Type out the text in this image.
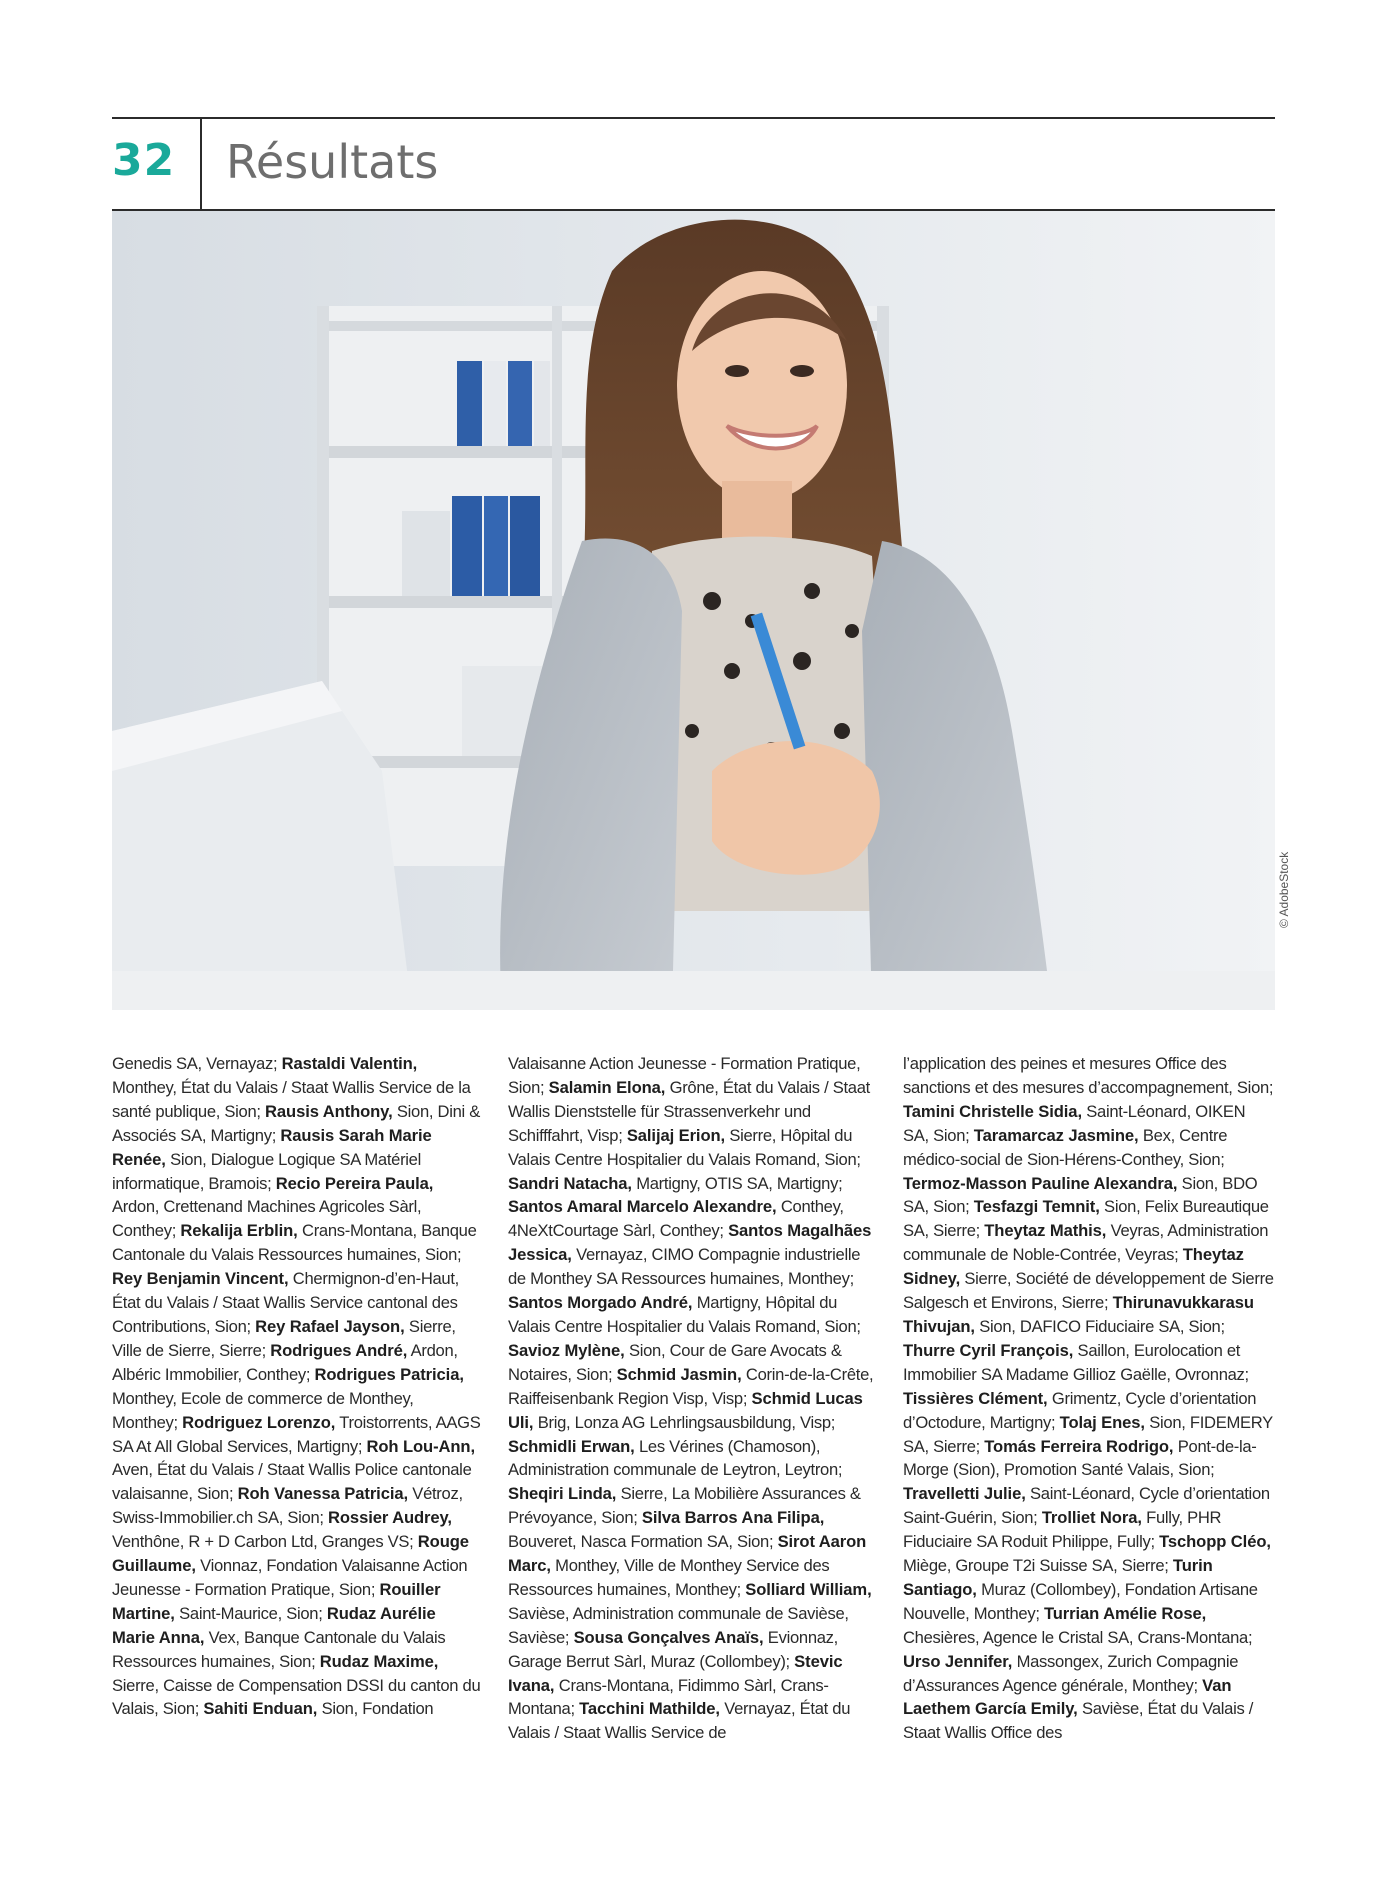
32 Résultats
© AdobeStock
Genedis SA, Vernayaz; Rastaldi Valentin, Monthey, État du Valais / Staat Wallis Service de la santé publique, Sion; Rausis Anthony, Sion, Dini & Associés SA, Martigny; Rausis Sarah Marie Renée, Sion, Dialogue Logique SA Matériel informatique, Bramois; Recio Pereira Paula, Ardon, Crettenand Machines Agricoles Sàrl, Conthey; Rekalija Erblin, Crans-Montana, Banque Cantonale du Valais Ressources humaines, Sion; Rey Benjamin Vincent, Chermignon-d’en-Haut, État du Valais / Staat Wallis Service cantonal des Contributions, Sion; Rey Rafael Jayson, Sierre, Ville de Sierre, Sierre; Rodrigues André, Ardon, Albéric Immobilier, Conthey; Rodrigues Patricia, Monthey, Ecole de commerce de Monthey, Monthey; Rodriguez Lorenzo, Troistorrents, AAGS SA At All Global Services, Martigny; Roh Lou-Ann, Aven, État du Valais / Staat Wallis Police cantonale valaisanne, Sion; Roh Vanessa Patricia, Vétroz, Swiss-Immobilier.ch SA, Sion; Rossier Audrey, Venthône, R + D Carbon Ltd, Granges VS; Rouge Guillaume, Vionnaz, Fondation Valaisanne Action Jeunesse - Formation Pratique, Sion; Rouiller Martine, Saint-Maurice, Sion; Rudaz Aurélie Marie Anna, Vex, Banque Cantonale du Valais Ressources humaines, Sion; Rudaz Maxime, Sierre, Caisse de Compensation DSSI du canton du Valais, Sion; Sahiti Enduan, Sion, Fondation
Valaisanne Action Jeunesse - Formation Pratique, Sion; Salamin Elona, Grône, État du Valais / Staat Wallis Dienststelle für Strassenverkehr und Schifffahrt, Visp; Salijaj Erion, Sierre, Hôpital du Valais Centre Hospitalier du Valais Romand, Sion; Sandri Natacha, Martigny, OTIS SA, Martigny; Santos Amaral Marcelo Alexandre, Conthey, 4NeXtCourtage Sàrl, Conthey; Santos Magalhães Jessica, Vernayaz, CIMO Compagnie industrielle de Monthey SA Ressources humaines, Monthey; Santos Morgado André, Martigny, Hôpital du Valais Centre Hospitalier du Valais Romand, Sion; Savioz Mylène, Sion, Cour de Gare Avocats & Notaires, Sion; Schmid Jasmin, Corin-de-la-Crête, Raiffeisenbank Region Visp, Visp; Schmid Lucas Uli, Brig, Lonza AG Lehrlingsausbildung, Visp; Schmidli Erwan, Les Vérines (Chamoson), Administration communale de Leytron, Leytron; Sheqiri Linda, Sierre, La Mobilière Assurances & Prévoyance, Sion; Silva Barros Ana Filipa, Bouveret, Nasca Formation SA, Sion; Sirot Aaron Marc, Monthey, Ville de Monthey Service des Ressources humaines, Monthey; Solliard William, Savièse, Administration communale de Savièse, Savièse; Sousa Gonçalves Anaïs, Evionnaz, Garage Berrut Sàrl, Muraz (Collombey); Stevic Ivana, Crans-Montana, Fidimmo Sàrl, Crans-Montana; Tacchini Mathilde, Vernayaz, État du Valais / Staat Wallis Service de
l’application des peines et mesures Office des sanctions et des mesures d’accompagnement, Sion; Tamini Christelle Sidia, Saint-Léonard, OIKEN SA, Sion; Taramarcaz Jasmine, Bex, Centre médico-social de Sion-Hérens-Conthey, Sion; Termoz-Masson Pauline Alexandra, Sion, BDO SA, Sion; Tesfazgi Temnit, Sion, Felix Bureautique SA, Sierre; Theytaz Mathis, Veyras, Administration communale de Noble-Contrée, Veyras; Theytaz Sidney, Sierre, Société de développement de Sierre Salgesch et Environs, Sierre; Thirunavukkarasu Thivujan, Sion, DAFICO Fiduciaire SA, Sion; Thurre Cyril François, Saillon, Eurolocation et Immobilier SA Madame Gillioz Gaëlle, Ovronnaz; Tissières Clément, Grimentz, Cycle d’orientation d’Octodure, Martigny; Tolaj Enes, Sion, FIDEMERY SA, Sierre; Tomás Ferreira Rodrigo, Pont-de-la-Morge (Sion), Promotion Santé Valais, Sion; Travelletti Julie, Saint-Léonard, Cycle d’orientation Saint-Guérin, Sion; Trolliet Nora, Fully, PHR Fiduciaire SA Roduit Philippe, Fully; Tschopp Cléo, Miège, Groupe T2i Suisse SA, Sierre; Turin Santiago, Muraz (Collombey), Fondation Artisane Nouvelle, Monthey; Turrian Amélie Rose, Chesières, Agence le Cristal SA, Crans-Montana; Urso Jennifer, Massongex, Zurich Compagnie d’Assurances Agence générale, Monthey; Van Laethem García Emily, Savièse, État du Valais / Staat Wallis Office des
